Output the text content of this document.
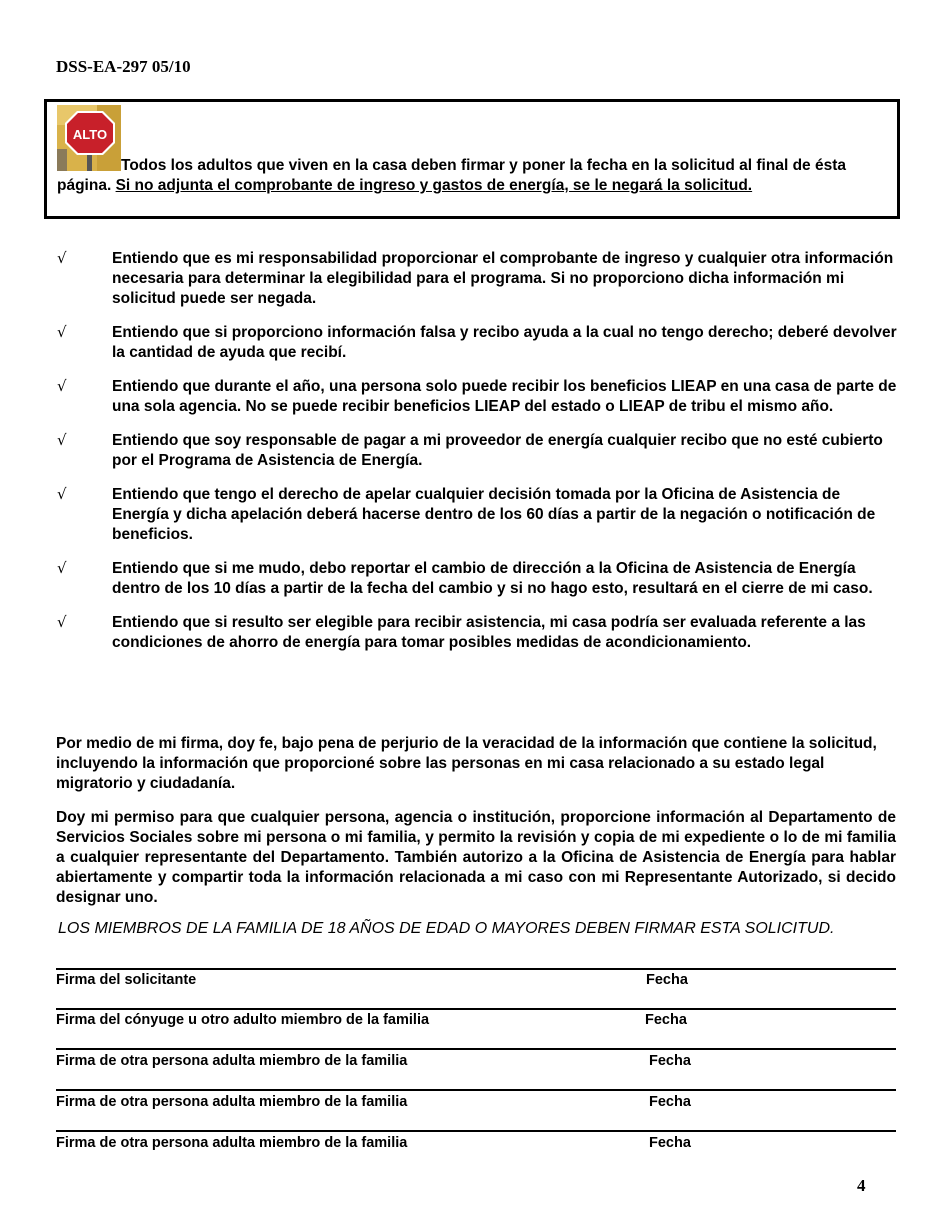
DSS-EA-297 05/10
ALTO
Todos los adultos que viven en la casa deben firmar y poner la fecha en la solicitud al final de ésta página. Si no adjunta el comprobante de ingreso y gastos de energía, se le negará la solicitud.
√	Entiendo que es mi responsabilidad proporcionar el comprobante de ingreso y cualquier otra información necesaria para determinar la elegibilidad para el programa. Si no proporciono dicha información mi solicitud puede ser negada.
√	Entiendo que si proporciono información falsa y recibo ayuda a la cual no tengo derecho; deberé devolver la cantidad de ayuda que recibí.
√	Entiendo que durante el año, una persona solo puede recibir los beneficios LIEAP en una casa de parte de una sola agencia. No se puede recibir beneficios LIEAP del estado o LIEAP de tribu el mismo año.
√	Entiendo que soy responsable de pagar a mi proveedor de energía cualquier recibo que no esté cubierto por el Programa de Asistencia de Energía.
√	Entiendo que tengo el derecho de apelar cualquier decisión tomada por la Oficina de Asistencia de Energía y dicha apelación deberá hacerse dentro de los 60 días a partir de la negación o notificación de beneficios.
√	Entiendo que si me mudo, debo reportar el cambio de dirección a la Oficina de Asistencia de Energía dentro de los 10 días a partir de la fecha del cambio y si no hago esto, resultará en el cierre de mi caso.
√	Entiendo que si resulto ser elegible para recibir asistencia, mi casa podría ser evaluada referente a las condiciones de ahorro de energía para tomar posibles medidas de acondicionamiento.
Por medio de mi firma, doy fe, bajo pena de perjurio de la veracidad de la información que contiene la solicitud, incluyendo la información que proporcioné sobre las personas en mi casa relacionado a su estado legal migratorio y ciudadanía.
Doy mi permiso para que cualquier persona, agencia o institución, proporcione información al Departamento de Servicios Sociales sobre mi persona o mi familia, y permito la revisión y copia de mi expediente o lo de mi familia a cualquier representante del Departamento. También autorizo a la Oficina de Asistencia de Energía para hablar abiertamente y compartir toda la información relacionada a mi caso con mi Representante Autorizado, si decido designar uno.
LOS MIEMBROS DE LA FAMILIA DE 18 AÑOS DE EDAD O MAYORES DEBEN FIRMAR ESTA SOLICITUD.
Firma del solicitante	Fecha
Firma del cónyuge u otro adulto miembro de la familia	Fecha
Firma de otra persona adulta miembro de la familia	Fecha
Firma de otra persona adulta miembro de la familia	Fecha
Firma de otra persona adulta miembro de la familia	Fecha
4
